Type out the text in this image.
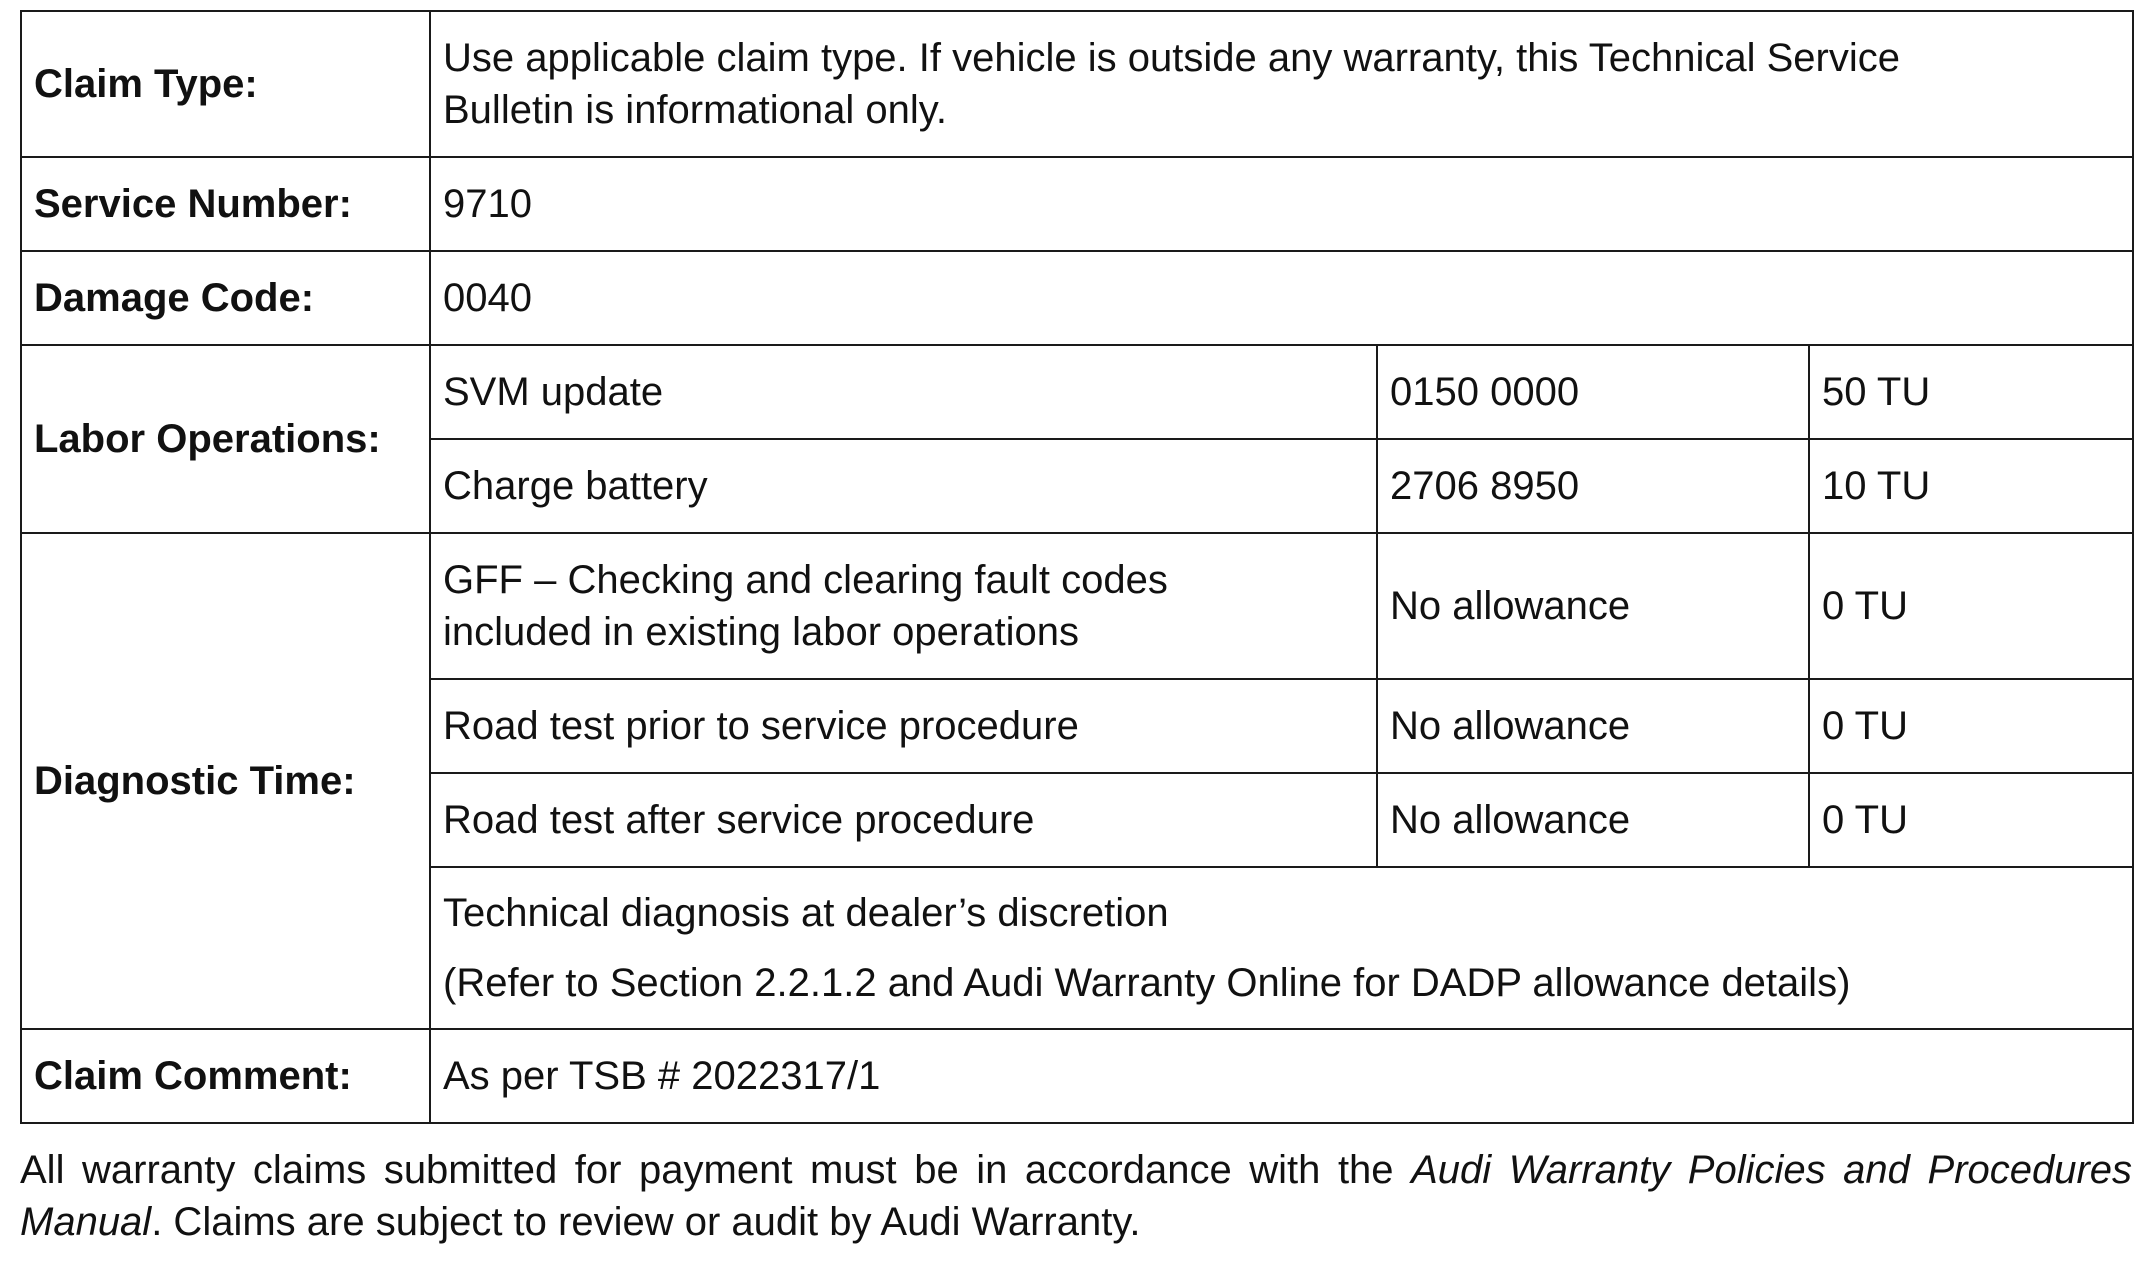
Claim Type:	Use applicable claim type. If vehicle is outside any warranty, this Technical Service
Bulletin is informational only.		

Service Number:	9710		
Damage Code:	0040		
Labor Operations:	SVM update	0150 0000	50 TU
	Charge battery	2706 8950	10 TU
Diagnostic Time:	GFF – Checking and clearing fault codes
included in existing labor operations	No allowance	0 TU
	Road test prior to service procedure	No allowance	0 TU
	Road test after service procedure	No allowance	0 TU

	Technical diagnosis at dealer’s discretion
(Refer to Section 2.2.1.2 and Audi Warranty Online for DADP allowance details)		

Claim Comment:	As per TSB # 2022317/1		

All warranty claims submitted for payment must be in accordance with the Audi Warranty Policies and Procedures Manual. Claims are subject to review or audit by Audi Warranty.
